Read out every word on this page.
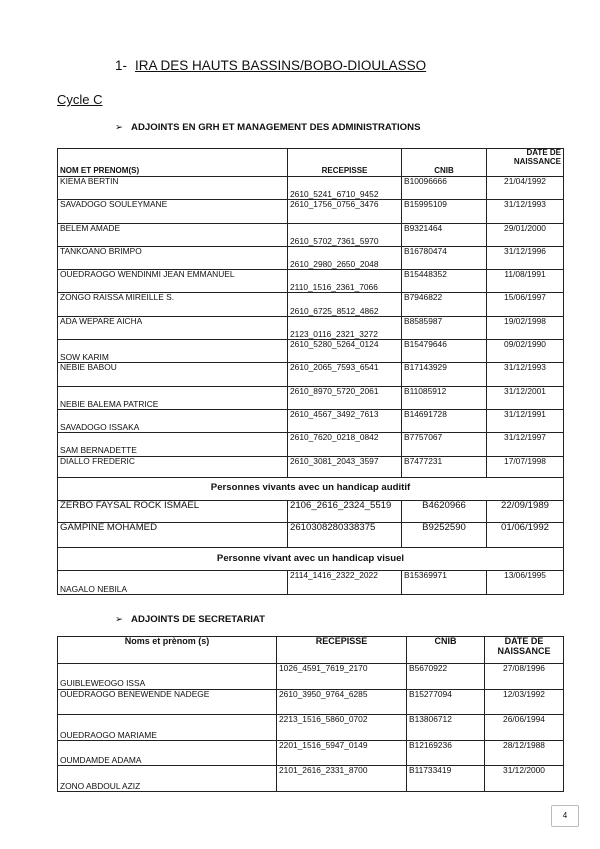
1- IRA DES HAUTS BASSINS/BOBO-DIOULASSO
Cycle C
➢ ADJOINTS EN GRH ET MANAGEMENT DES ADMINISTRATIONS
NOM ET PRENOM(S)	RECEPISSE	CNIB	DATE DE
NAISSANCE
KIEMA BERTIN	2610_5241_6710_9452	B10096666	21/04/1992
SAVADOGO SOULEYMANE	2610_1756_0756_3476	B15995109	31/12/1993
BELEM AMADE	2610_5702_7361_5970	B9321464	29/01/2000
TANKOANO BRIMPO	2610_2980_2650_2048	B16780474	31/12/1996
OUEDRAOGO WENDINMI JEAN EMMANUEL	2110_1516_2361_7066	B15448352	11/08/1991
ZONGO RAISSA MIREILLE S.	2610_6725_8512_4862	B7946822	15/06/1997
ADA WEPARE AICHA	2123_0116_2321_3272	B8585987	19/02/1998
SOW KARIM	2610_5280_5264_0124	B15479646	09/02/1990
NEBIE BABOU	2610_2065_7593_6541	B17143929	31/12/1993
NEBIE BALEMA PATRICE	2610_8970_5720_2061	B11085912	31/12/2001
SAVADOGO ISSAKA	2610_4567_3492_7613	B14691728	31/12/1991
SAM BERNADETTE	2610_7620_0218_0842	B7757067	31/12/1997
DIALLO FREDERIC	2610_3081_2043_3597	B7477231	17/07/1998
Personnes vivants avec un handicap auditif			
ZERBO FAYSAL ROCK ISMAEL	2106_2616_2324_5519	B4620966	22/09/1989
GAMPINE MOHAMED	2610308280338375	B9252590	01/06/1992
Personne vivant avec un handicap visuel			
NAGALO NEBILA	2114_1416_2322_2022	B15369971	13/06/1995
➢ ADJOINTS DE SECRETARIAT
Noms et prènom (s)	RECEPISSE	CNIB	DATE DE
NAISSANCE
GUIBLEWEOGO ISSA	1026_4591_7619_2170	B5670922	27/08/1996
OUEDRAOGO BENEWENDE NADEGE	2610_3950_9764_6285	B15277094	12/03/1992
OUEDRAOGO MARIAME	2213_1516_5860_0702	B13806712	26/06/1994
OUMDAMDE ADAMA	2201_1516_5947_0149	B12169236	28/12/1988
ZONO ABDOUL AZIZ	2101_2616_2331_8700	B11733419	31/12/2000
4
